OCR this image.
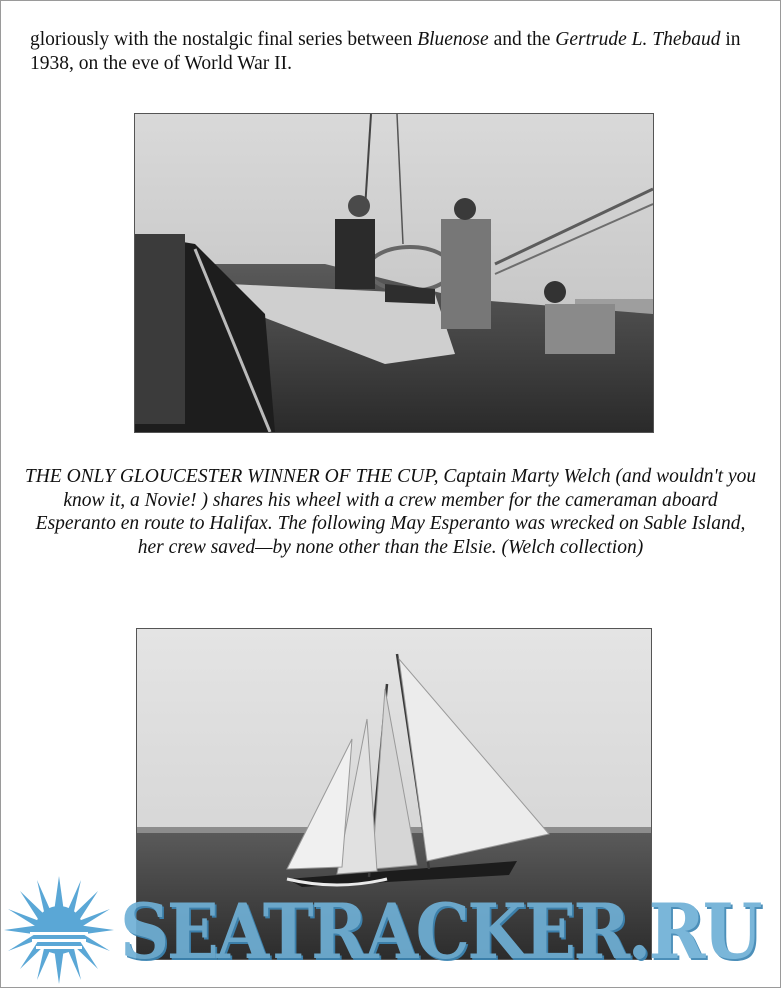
gloriously with the nostalgic final series between Bluenose and the Gertrude L. Thebaud in 1938, on the eve of World War II.

THE ONLY GLOUCESTER WINNER OF THE CUP, Captain Marty Welch (and wouldn't you know it, a Novie! ) shares his wheel with a crew member for the cameraman aboard Esperanto en route to Halifax. The following May Esperanto was wrecked on Sable Island, her crew saved—by none other than the Elsie. (Welch collection)

SEATRACKER.RU
